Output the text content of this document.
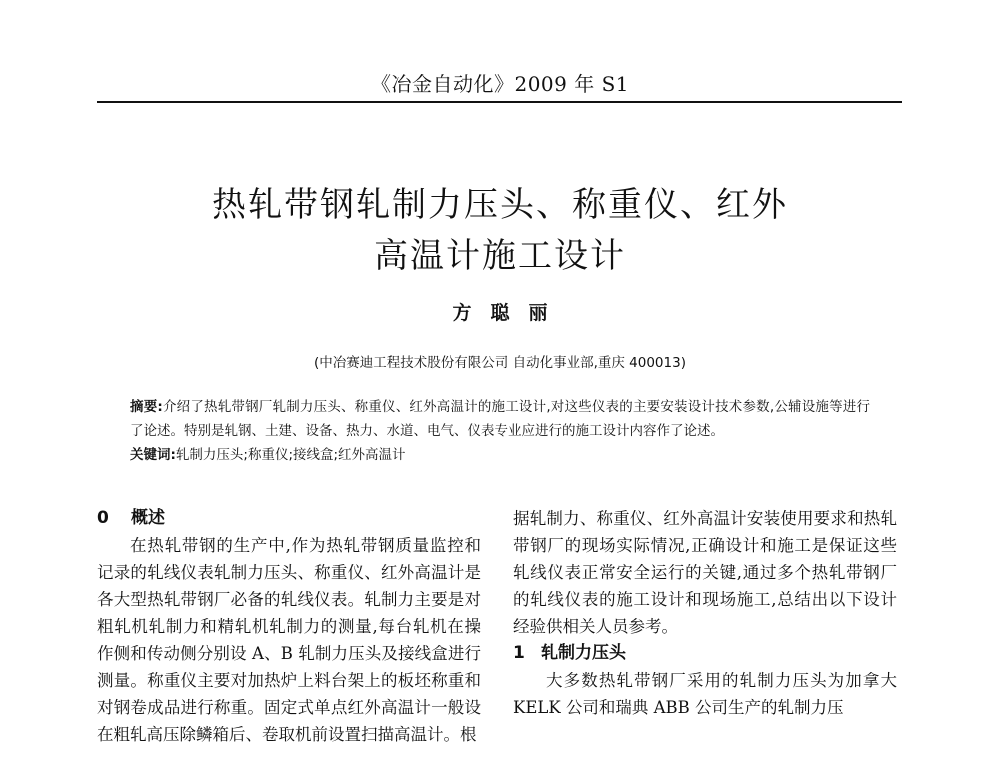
《冶金自动化》2009 年 S1
热轧带钢轧制力压头、称重仪、红外
高温计施工设计
方聪丽
(中冶赛迪工程技术股份有限公司 自动化事业部,重庆 400013)

摘要:介绍了热轧带钢厂轧制力压头、称重仪、红外高温计的施工设计,对这些仪表的主要安装设计技术参数,公辅设施等进行了论述。特别是轧钢、土建、设备、热力、水道、电气、仪表专业应进行的施工设计内容作了论述。

关键词:轧制力压头;称重仪;接线盒;红外高温计

0 概述

在热轧带钢的生产中,作为热轧带钢质量监控和记录的轧线仪表轧制力压头、称重仪、红外高温计是各大型热轧带钢厂必备的轧线仪表。轧制力主要是对粗轧机轧制力和精轧机轧制力的测量,每台轧机在操作侧和传动侧分别设 A、B 轧制力压头及接线盒进行测量。称重仪主要对加热炉上料台架上的板坯称重和对钢卷成品进行称重。固定式单点红外高温计一般设在粗轧高压除鳞箱后、卷取机前设置扫描高温计。根

据轧制力、称重仪、红外高温计安装使用要求和热轧带钢厂的现场实际情况,正确设计和施工是保证这些轧线仪表正常安全运行的关键,通过多个热轧带钢厂的轧线仪表的施工设计和现场施工,总结出以下设计经验供相关人员参考。

1 轧制力压头

大多数热轧带钢厂采用的轧制力压头为加拿大 KELK 公司和瑞典 ABB 公司生产的轧制力压
